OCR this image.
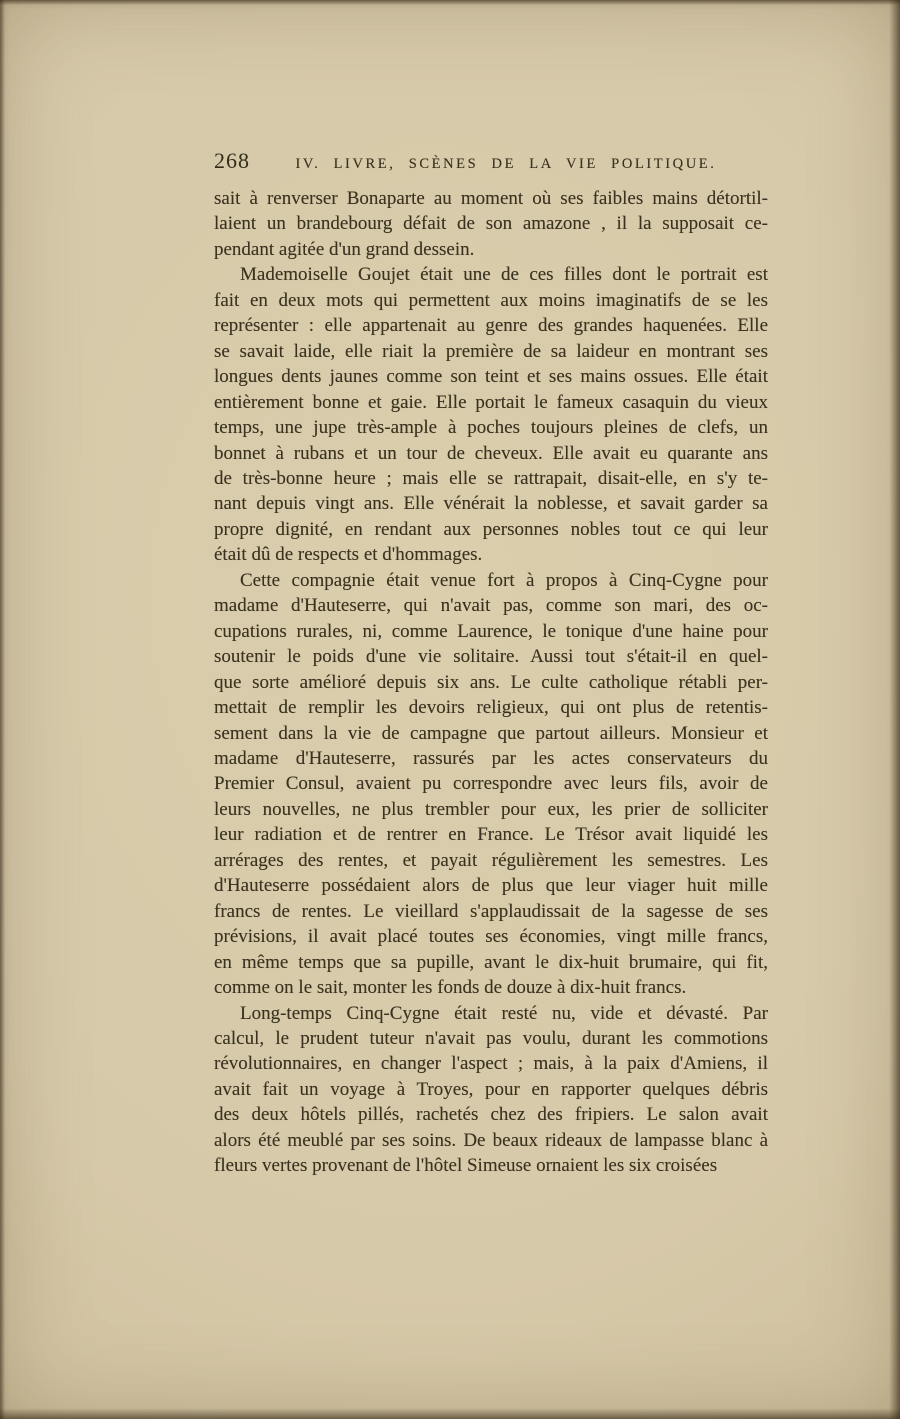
268	IV. LIVRE, SCÈNES DE LA VIE POLITIQUE.
sait à renverser Bonaparte au moment où ses faibles mains détortil-
laient un brandebourg défait de son amazone , il la supposait ce-
pendant agitée d'un grand dessein.
Mademoiselle Goujet était une de ces filles dont le portrait est
fait en deux mots qui permettent aux moins imaginatifs de se les
représenter : elle appartenait au genre des grandes haquenées. Elle
se savait laide, elle riait la première de sa laideur en montrant ses
longues dents jaunes comme son teint et ses mains ossues. Elle était
entièrement bonne et gaie. Elle portait le fameux casaquin du vieux
temps, une jupe très-ample à poches toujours pleines de clefs, un
bonnet à rubans et un tour de cheveux. Elle avait eu quarante ans
de très-bonne heure ; mais elle se rattrapait, disait-elle, en s'y te-
nant depuis vingt ans. Elle vénérait la noblesse, et savait garder sa
propre dignité, en rendant aux personnes nobles tout ce qui leur
était dû de respects et d'hommages.
Cette compagnie était venue fort à propos à Cinq-Cygne pour
madame d'Hauteserre, qui n'avait pas, comme son mari, des oc-
cupations rurales, ni, comme Laurence, le tonique d'une haine pour
soutenir le poids d'une vie solitaire. Aussi tout s'était-il en quel-
que sorte amélioré depuis six ans. Le culte catholique rétabli per-
mettait de remplir les devoirs religieux, qui ont plus de retentis-
sement dans la vie de campagne que partout ailleurs. Monsieur et
madame d'Hauteserre, rassurés par les actes conservateurs du
Premier Consul, avaient pu correspondre avec leurs fils, avoir de
leurs nouvelles, ne plus trembler pour eux, les prier de solliciter
leur radiation et de rentrer en France. Le Trésor avait liquidé les
arrérages des rentes, et payait régulièrement les semestres. Les
d'Hauteserre possédaient alors de plus que leur viager huit mille
francs de rentes. Le vieillard s'applaudissait de la sagesse de ses
prévisions, il avait placé toutes ses économies, vingt mille francs,
en même temps que sa pupille, avant le dix-huit brumaire, qui fit,
comme on le sait, monter les fonds de douze à dix-huit francs.
Long-temps Cinq-Cygne était resté nu, vide et dévasté. Par
calcul, le prudent tuteur n'avait pas voulu, durant les commotions
révolutionnaires, en changer l'aspect ; mais, à la paix d'Amiens, il
avait fait un voyage à Troyes, pour en rapporter quelques débris
des deux hôtels pillés, rachetés chez des fripiers. Le salon avait
alors été meublé par ses soins. De beaux rideaux de lampasse blanc à
fleurs vertes provenant de l'hôtel Simeuse ornaient les six croisées
